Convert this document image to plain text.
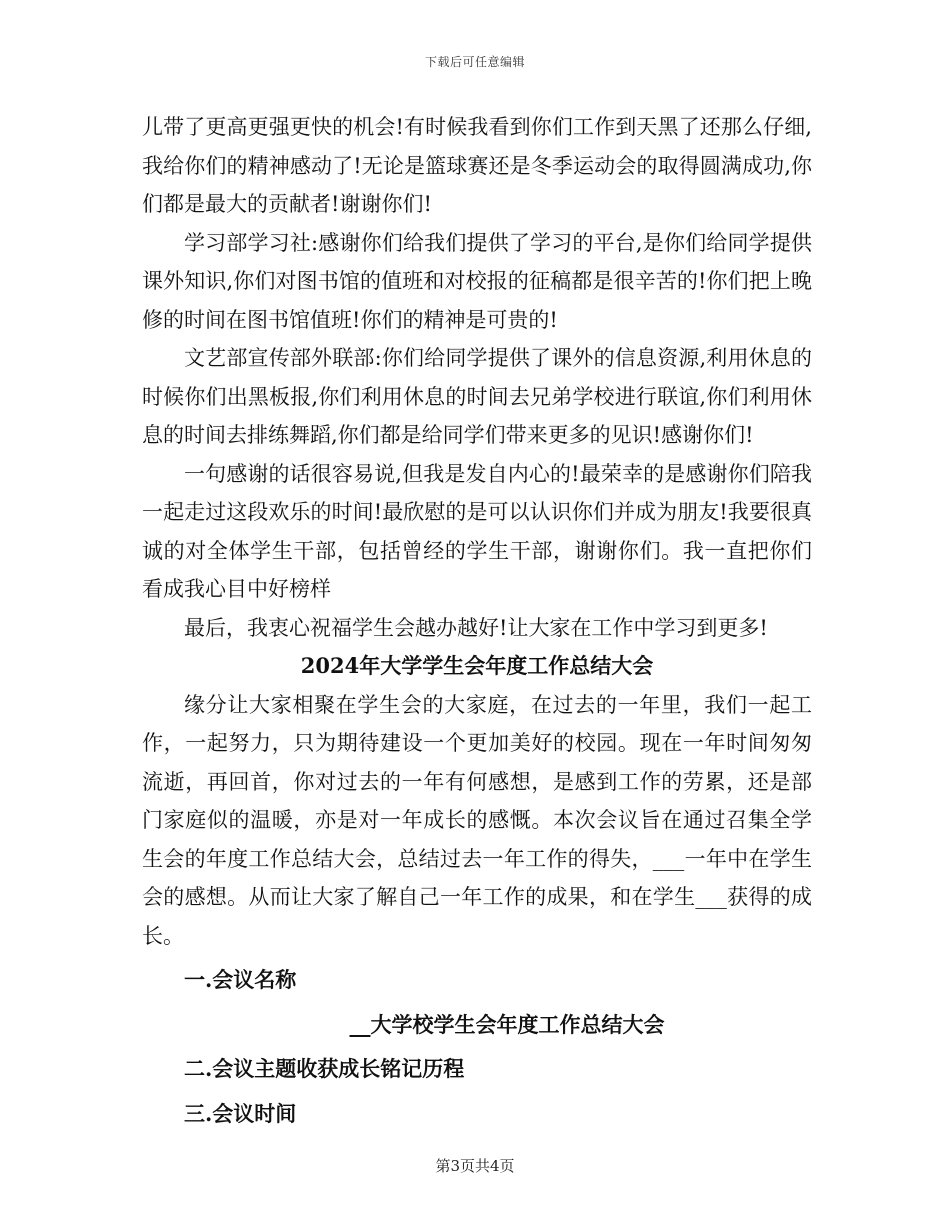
下载后可任意编辑

儿带了更高更强更快的机会!有时候我看到你们工作到天黑了还那么仔细,我给你们的精神感动了!无论是篮球赛还是冬季运动会的取得圆满成功,你们都是最大的贡献者!谢谢你们!

学习部学习社:感谢你们给我们提供了学习的平台,是你们给同学提供课外知识,你们对图书馆的值班和对校报的征稿都是很辛苦的!你们把上晚修的时间在图书馆值班!你们的精神是可贵的!

文艺部宣传部外联部:你们给同学提供了课外的信息资源,利用休息的时候你们出黑板报,你们利用休息的时间去兄弟学校进行联谊,你们利用休息的时间去排练舞蹈,你们都是给同学们带来更多的见识!感谢你们!

一句感谢的话很容易说,但我是发自内心的!最荣幸的是感谢你们陪我一起走过这段欢乐的时间!最欣慰的是可以认识你们并成为朋友!我要很真诚的对全体学生干部，包括曾经的学生干部，谢谢你们。我一直把你们看成我心目中好榜样

最后，我衷心祝福学生会越办越好!让大家在工作中学习到更多!

2024年大学学生会年度工作总结大会

缘分让大家相聚在学生会的大家庭，在过去的一年里，我们一起工作，一起努力，只为期待建设一个更加美好的校园。现在一年时间匆匆流逝，再回首，你对过去的一年有何感想，是感到工作的劳累，还是部门家庭似的温暖，亦是对一年成长的感慨。本次会议旨在通过召集全学生会的年度工作总结大会，总结过去一年工作的得失，___一年中在学生会的感想。从而让大家了解自己一年工作的成果，和在学生___获得的成长。

一.会议名称

__大学校学生会年度工作总结大会

二.会议主题收获成长铭记历程

三.会议时间

第3页共4页
